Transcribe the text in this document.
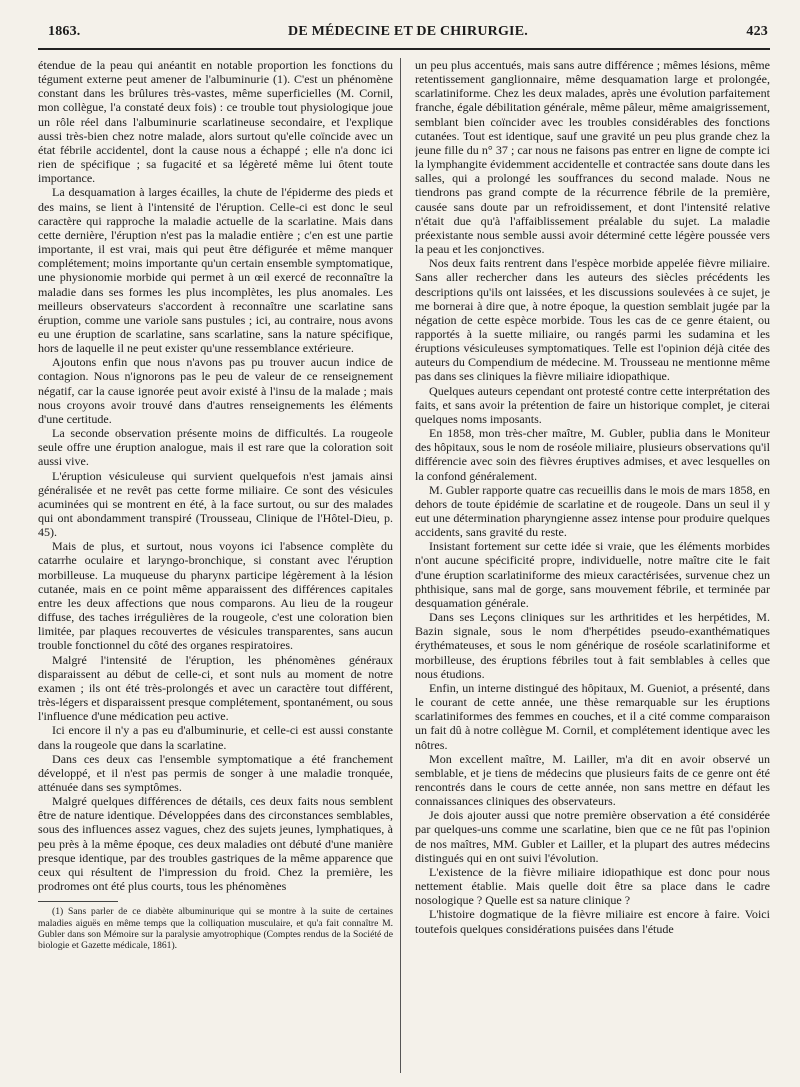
1863.	DE MÉDECINE ET DE CHIRURGIE.	423

étendue de la peau qui anéantit en notable proportion les fonctions du tégument externe peut amener de l'albuminurie (1). C'est un phénomène constant dans les brûlures très-vastes, même superficielles (M. Cornil, mon collègue, l'a constaté deux fois) : ce trouble tout physiologique joue un rôle réel dans l'albuminurie scarlatineuse secondaire, et l'explique aussi très-bien chez notre malade, alors surtout qu'elle coïncide avec un état fébrile accidentel, dont la cause nous a échappé ; elle n'a donc ici rien de spécifique ; sa fugacité et sa légèreté même lui ôtent toute importance.

La desquamation à larges écailles, la chute de l'épiderme des pieds et des mains, se lient à l'intensité de l'éruption. Celle-ci est donc le seul caractère qui rapproche la maladie actuelle de la scarlatine. Mais dans cette dernière, l'éruption n'est pas la maladie entière ; c'en est une partie importante, il est vrai, mais qui peut être défigurée et même manquer complétement; moins importante qu'un certain ensemble symptomatique, une physionomie morbide qui permet à un œil exercé de reconnaître la maladie dans ses formes les plus incomplètes, les plus anomales. Les meilleurs observateurs s'accordent à reconnaître une scarlatine sans éruption, comme une variole sans pustules ; ici, au contraire, nous avons eu une éruption de scarlatine, sans scarlatine, sans la nature spécifique, hors de laquelle il ne peut exister qu'une ressemblance extérieure.

Ajoutons enfin que nous n'avons pas pu trouver aucun indice de contagion. Nous n'ignorons pas le peu de valeur de ce renseignement négatif, car la cause ignorée peut avoir existé à l'insu de la malade ; mais nous croyons avoir trouvé dans d'autres renseignements les éléments d'une certitude.

La seconde observation présente moins de difficultés. La rougeole seule offre une éruption analogue, mais il est rare que la coloration soit aussi vive.

L'éruption vésiculeuse qui survient quelquefois n'est jamais ainsi généralisée et ne revêt pas cette forme miliaire. Ce sont des vésicules acuminées qui se montrent en été, à la face surtout, ou sur des malades qui ont abondamment transpiré (Trousseau, Clinique de l'Hôtel-Dieu, p. 45).

Mais de plus, et surtout, nous voyons ici l'absence complète du catarrhe oculaire et laryngo-bronchique, si constant avec l'éruption morbilleuse. La muqueuse du pharynx participe légèrement à la lésion cutanée, mais en ce point même apparaissent des différences capitales entre les deux affections que nous comparons. Au lieu de la rougeur diffuse, des taches irrégulières de la rougeole, c'est une coloration bien limitée, par plaques recouvertes de vésicules transparentes, sans aucun trouble fonctionnel du côté des organes respiratoires.

Malgré l'intensité de l'éruption, les phénomènes généraux disparaissent au début de celle-ci, et sont nuls au moment de notre examen ; ils ont été très-prolongés et avec un caractère tout différent, très-légers et disparaissent presque complétement, spontanément, ou sous l'influence d'une médication peu active.

Ici encore il n'y a pas eu d'albuminurie, et celle-ci est aussi constante dans la rougeole que dans la scarlatine.

Dans ces deux cas l'ensemble symptomatique a été franchement développé, et il n'est pas permis de songer à une maladie tronquée, atténuée dans ses symptômes.

Malgré quelques différences de détails, ces deux faits nous semblent être de nature identique. Développées dans des circonstances semblables, sous des influences assez vagues, chez des sujets jeunes, lymphatiques, à peu près à la même époque, ces deux maladies ont débuté d'une manière presque identique, par des troubles gastriques de la même apparence que ceux qui résultent de l'impression du froid. Chez la première, les prodromes ont été plus courts, tous les phénomènes

(1) Sans parler de ce diabète albuminurique qui se montre à la suite de certaines maladies aiguës en même temps que la colliquation musculaire, et qu'a fait connaître M. Gubler dans son Mémoire sur la paralysie amyotrophique (Comptes rendus de la Société de biologie et Gazette médicale, 1861).

un peu plus accentués, mais sans autre différence ; mêmes lésions, même retentissement ganglionnaire, même desquamation large et prolongée, scarlatiniforme. Chez les deux malades, après une évolution parfaitement franche, égale débilitation générale, même pâleur, même amaigrissement, semblant bien coïncider avec les troubles considérables des fonctions cutanées. Tout est identique, sauf une gravité un peu plus grande chez la jeune fille du n° 37 ; car nous ne faisons pas entrer en ligne de compte ici la lymphangite évidemment accidentelle et contractée sans doute dans les salles, qui a prolongé les souffrances du second malade. Nous ne tiendrons pas grand compte de la récurrence fébrile de la première, causée sans doute par un refroidissement, et dont l'intensité relative n'était due qu'à l'affaiblissement préalable du sujet. La maladie préexistante nous semble aussi avoir déterminé cette légère poussée vers la peau et les conjonctives.

Nos deux faits rentrent dans l'espèce morbide appelée fièvre miliaire. Sans aller rechercher dans les auteurs des siècles précédents les descriptions qu'ils ont laissées, et les discussions soulevées à ce sujet, je me bornerai à dire que, à notre époque, la question semblait jugée par la négation de cette espèce morbide. Tous les cas de ce genre étaient, ou rapportés à la suette miliaire, ou rangés parmi les sudamina et les éruptions vésiculeuses symptomatiques. Telle est l'opinion déjà citée des auteurs du Compendium de médecine. M. Trousseau ne mentionne même pas dans ses cliniques la fièvre miliaire idiopathique.

Quelques auteurs cependant ont protesté contre cette interprétation des faits, et sans avoir la prétention de faire un historique complet, je citerai quelques noms imposants.

En 1858, mon très-cher maître, M. Gubler, publia dans le Moniteur des hôpitaux, sous le nom de roséole miliaire, plusieurs observations qu'il différencie avec soin des fièvres éruptives admises, et avec lesquelles on la confond généralement.

M. Gubler rapporte quatre cas recueillis dans le mois de mars 1858, en dehors de toute épidémie de scarlatine et de rougeole. Dans un seul il y eut une détermination pharyngienne assez intense pour produire quelques accidents, sans gravité du reste.

Insistant fortement sur cette idée si vraie, que les éléments morbides n'ont aucune spécificité propre, individuelle, notre maître cite le fait d'une éruption scarlatiniforme des mieux caractérisées, survenue chez un phthisique, sans mal de gorge, sans mouvement fébrile, et terminée par desquamation générale.

Dans ses Leçons cliniques sur les arthritides et les herpétides, M. Bazin signale, sous le nom d'herpétides pseudo-exanthématiques érythémateuses, et sous le nom générique de roséole scarlatiniforme et morbilleuse, des éruptions fébriles tout à fait semblables à celles que nous étudions.

Enfin, un interne distingué des hôpitaux, M. Gueniot, a présenté, dans le courant de cette année, une thèse remarquable sur les éruptions scarlatiniformes des femmes en couches, et il a cité comme comparaison un fait dû à notre collègue M. Cornil, et complétement identique avec les nôtres.

Mon excellent maître, M. Lailler, m'a dit en avoir observé un semblable, et je tiens de médecins que plusieurs faits de ce genre ont été rencontrés dans le cours de cette année, non sans mettre en défaut les connaissances cliniques des observateurs.

Je dois ajouter aussi que notre première observation a été considérée par quelques-uns comme une scarlatine, bien que ce ne fût pas l'opinion de nos maîtres, MM. Gubler et Lailler, et la plupart des autres médecins distingués qui en ont suivi l'évolution.

L'existence de la fièvre miliaire idiopathique est donc pour nous nettement établie. Mais quelle doit être sa place dans le cadre nosologique ? Quelle est sa nature clinique ?

L'histoire dogmatique de la fièvre miliaire est encore à faire. Voici toutefois quelques considérations puisées dans l'étude
